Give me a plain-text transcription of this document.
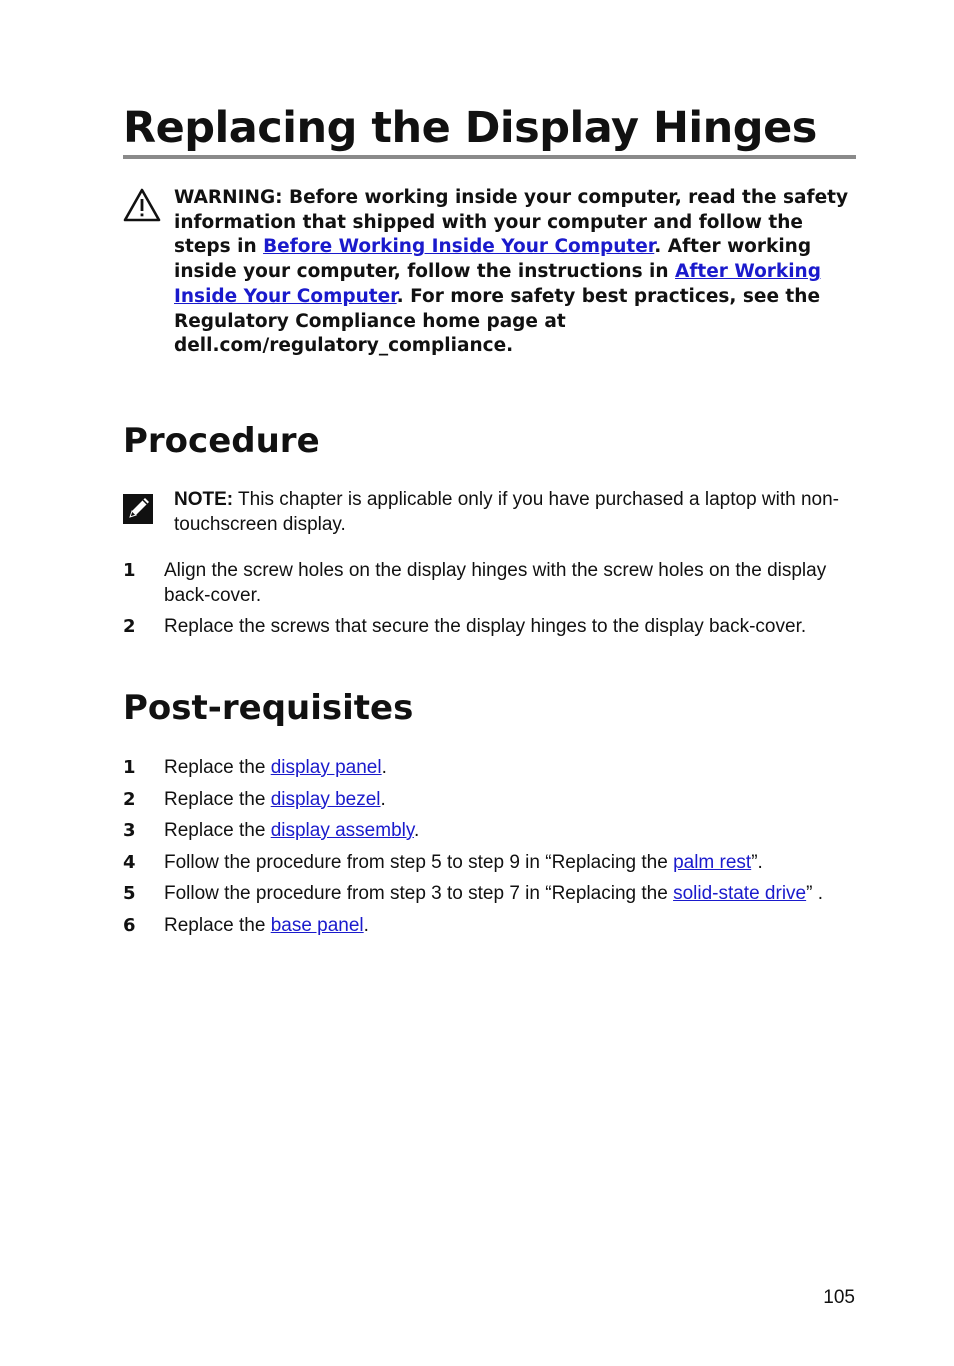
Replacing the Display Hinges
WARNING: Before working inside your computer, read the safety information that shipped with your computer and follow the steps in Before Working Inside Your Computer. After working inside your computer, follow the instructions in After Working Inside Your Computer. For more safety best practices, see the Regulatory Compliance home page at dell.com/regulatory_compliance.
Procedure
NOTE: This chapter is applicable only if you have purchased a laptop with non-touchscreen display.
1 Align the screw holes on the display hinges with the screw holes on the display back-cover.
2 Replace the screws that secure the display hinges to the display back-cover.
Post-requisites
1 Replace the display panel.
2 Replace the display bezel.
3 Replace the display assembly.
4 Follow the procedure from step 5 to step 9 in “Replacing the palm rest”.
5 Follow the procedure from step 3 to step 7 in “Replacing the solid-state drive” .
6 Replace the base panel.
105
